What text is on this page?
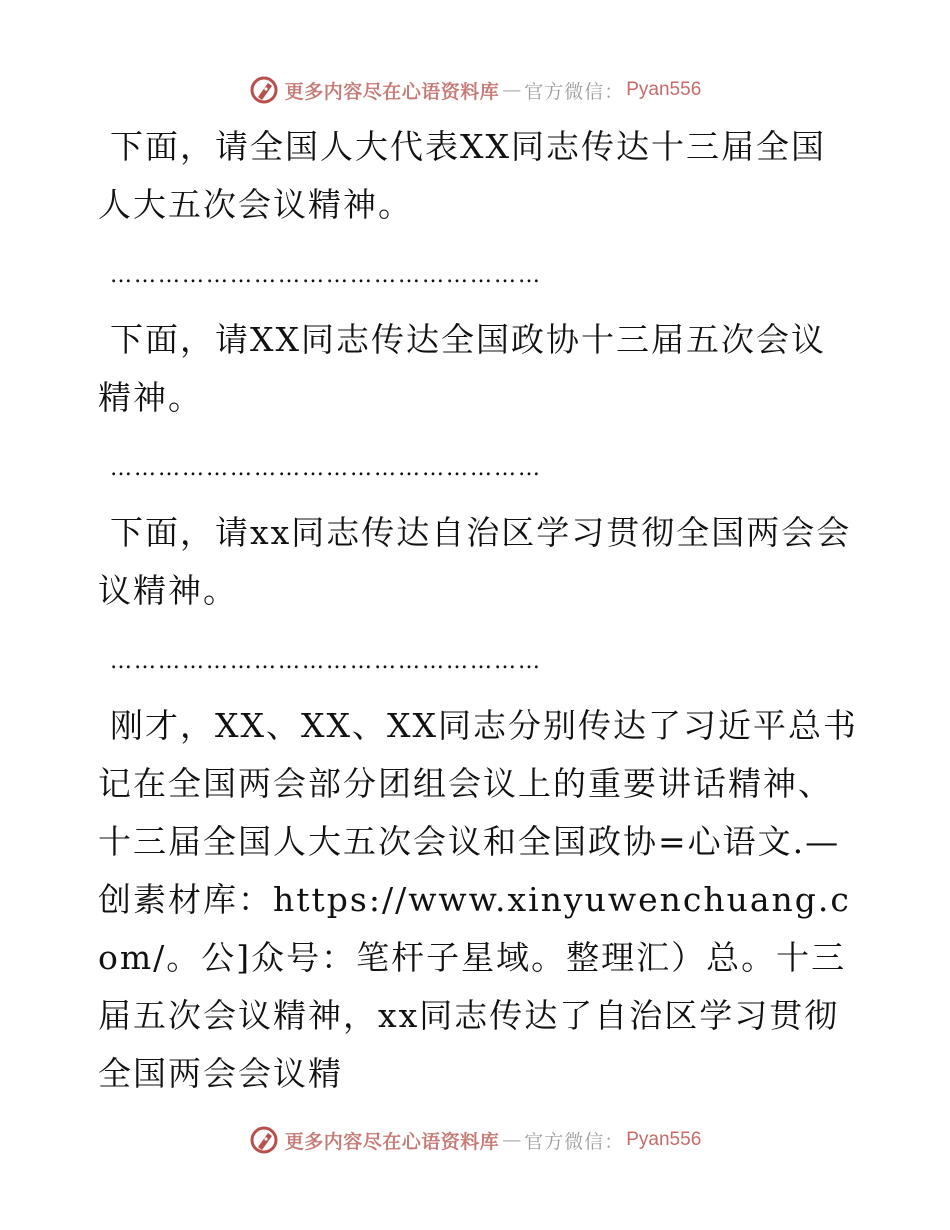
更多内容尽在心语资料库 — 官方微信： Pyan556

下面，请全国人大代表XX同志传达十三届全国人大五次会议精神。

………………………………………………

下面，请XX同志传达全国政协十三届五次会议精神。

………………………………………………

下面，请xx同志传达自治区学习贯彻全国两会会议精神。

………………………………………………

刚才，XX、XX、XX同志分别传达了习近平总书记在全国两会部分团组会议上的重要讲话精神、十三届全国人大五次会议和全国政协=心语文.—创素材库：https://www.xinyuwenchuang.com/。公]众号：笔杆子星域。整理汇）总。十三届五次会议精神，xx同志传达了自治区学习贯彻全国两会会议精

更多内容尽在心语资料库 — 官方微信： Pyan556
